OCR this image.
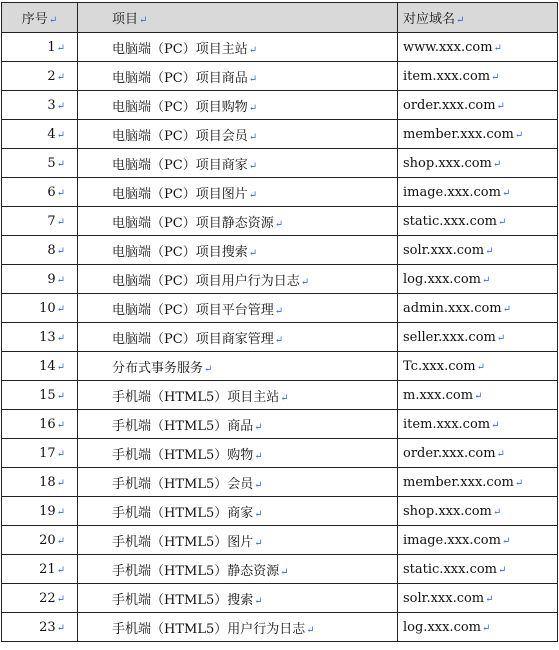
序号↵	项目↵	对应域名↵
1↵	电脑端（PC）项目主站↵	www.xxx.com↵
2↵	电脑端（PC）项目商品↵	item.xxx.com↵
3↵	电脑端（PC）项目购物↵	order.xxx.com↵
4↵	电脑端（PC）项目会员↵	member.xxx.com↵
5↵	电脑端（PC）项目商家↵	shop.xxx.com↵
6↵	电脑端（PC）项目图片↵	image.xxx.com↵
7↵	电脑端（PC）项目静态资源↵	static.xxx.com↵
8↵	电脑端（PC）项目搜索↵	solr.xxx.com↵
9↵	电脑端（PC）项目用户行为日志↵	log.xxx.com↵
10↵	电脑端（PC）项目平台管理↵	admin.xxx.com↵
13↵	电脑端（PC）项目商家管理↵	seller.xxx.com↵
14↵	分布式事务服务↵	Tc.xxx.com↵
15↵	手机端（HTML5）项目主站↵	m.xxx.com↵
16↵	手机端（HTML5）商品↵	item.xxx.com↵
17↵	手机端（HTML5）购物↵	order.xxx.com↵
18↵	手机端（HTML5）会员↵	member.xxx.com↵
19↵	手机端（HTML5）商家↵	shop.xxx.com↵
20↵	手机端（HTML5）图片↵	image.xxx.com↵
21↵	手机端（HTML5）静态资源↵	static.xxx.com↵
22↵	手机端（HTML5）搜索↵	solr.xxx.com↵
23↵	手机端（HTML5）用户行为日志↵	log.xxx.com↵
